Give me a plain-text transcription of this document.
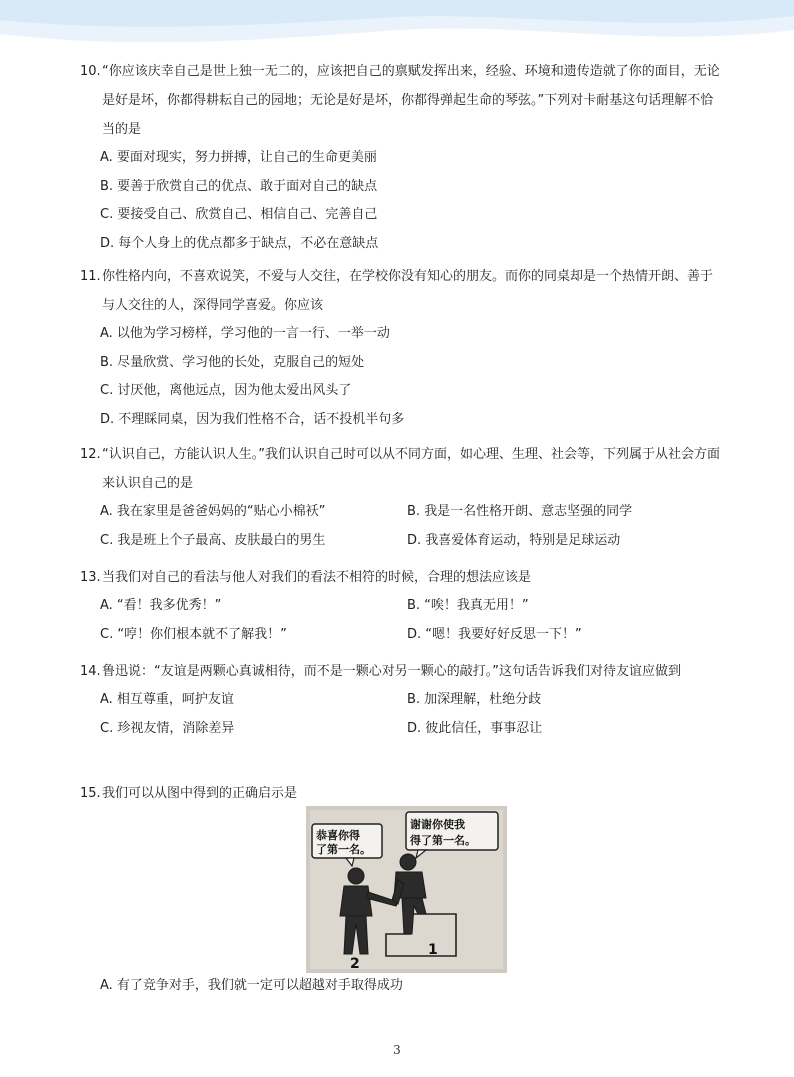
10. “你应该庆幸自己是世上独一无二的，应该把自己的禀赋发挥出来，经验、环境和遗传造就了你的面目，无论是好是坏，你都得耕耘自己的园地；无论是好是坏，你都得弹起生命的琴弦。”下列对卡耐基这句话理解不恰当的是
A. 要面对现实，努力拼搏，让自己的生命更美丽
B. 要善于欣赏自己的优点、敢于面对自己的缺点
C. 要接受自己、欣赏自己、相信自己、完善自己
D. 每个人身上的优点都多于缺点，不必在意缺点
11. 你性格内向，不喜欢说笑，不爱与人交往，在学校你没有知心的朋友。而你的同桌却是一个热情开朗、善于与人交往的人，深得同学喜爱。你应该
A. 以他为学习榜样，学习他的一言一行、一举一动
B. 尽量欣赏、学习他的长处，克服自己的短处
C. 讨厌他，离他远点，因为他太爱出风头了
D. 不理睬同桌，因为我们性格不合，话不投机半句多
12. “认识自己，方能认识人生。”我们认识自己时可以从不同方面，如心理、生理、社会等，下列属于从社会方面来认识自己的是
A. 我在家里是爸爸妈妈的“贴心小棉袄”	B. 我是一名性格开朗、意志坚强的同学
C. 我是班上个子最高、皮肤最白的男生	D. 我喜爱体育运动，特别是足球运动
13. 当我们对自己的看法与他人对我们的看法不相符的时候，合理的想法应该是
A. “看！我多优秀！”	B. “唉！我真无用！”
C. “哼！你们根本就不了解我！”	D. “嗯！我要好好反思一下！”
14. 鲁迅说：“友谊是两颗心真诚相待，而不是一颗心对另一颗心的敲打。”这句话告诉我们对待友谊应做到
A. 相互尊重，呵护友谊	B. 加深理解，杜绝分歧
C. 珍视友情，消除差异	D. 彼此信任，事事忍让
15. 我们可以从图中得到的正确启示是
恭喜你得
了第一名。
谢谢你使我
得了第一名。
2
1
A. 有了竞争对手，我们就一定可以超越对手取得成功
3
